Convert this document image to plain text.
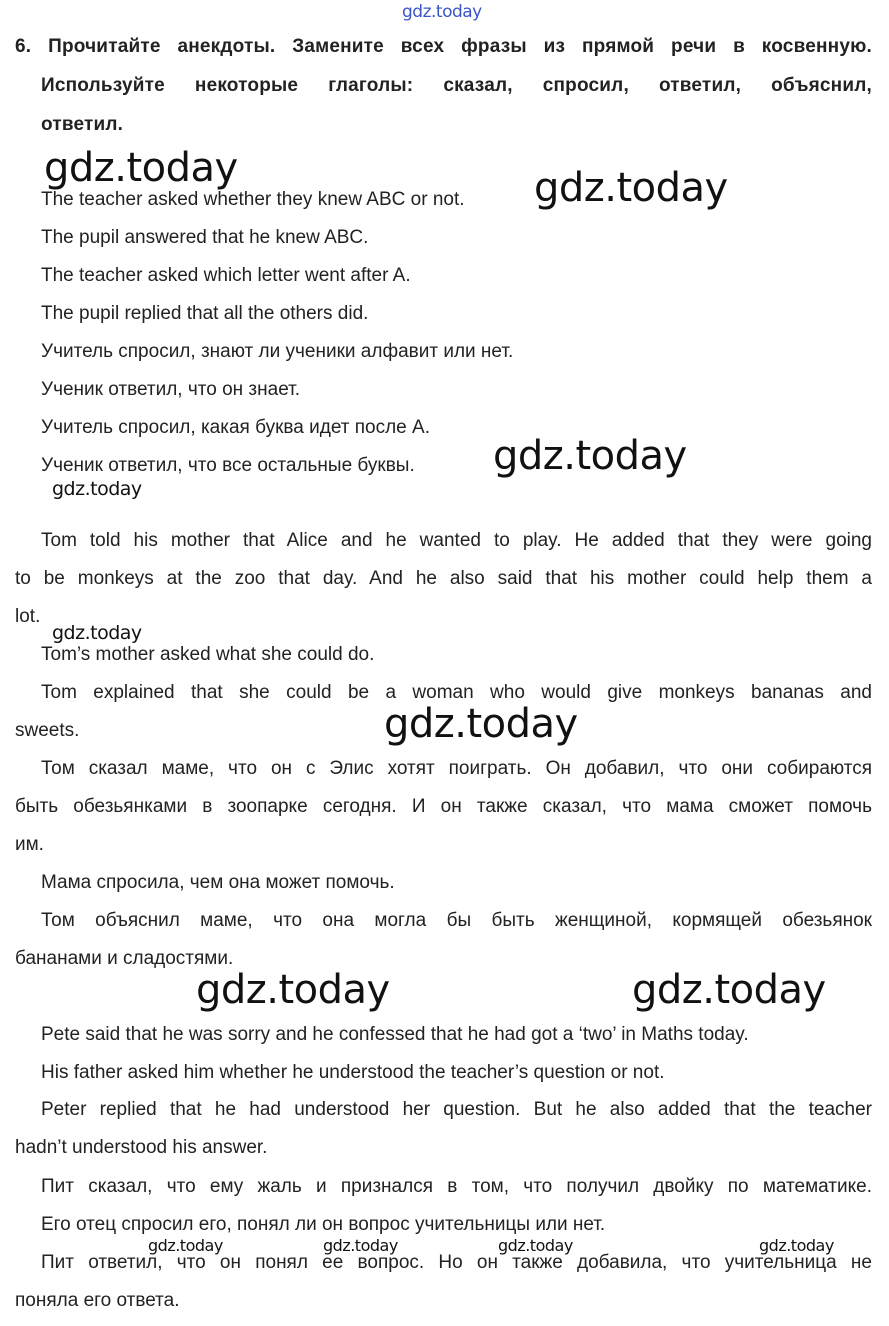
6. Прочитайте анекдоты. Замените всех фразы из прямой речи в косвенную.
Используйте некоторые глаголы: сказал, спросил, ответил, объяснил,
ответил.
The teacher asked whether they knew ABC or not.
The pupil answered that he knew ABC.
The teacher asked which letter went after A.
The pupil replied that all the others did.
Учитель спросил, знают ли ученики алфавит или нет.
Ученик ответил, что он знает.
Учитель спросил, какая буква идет после А.
Ученик ответил, что все остальные буквы.
Tom told his mother that Alice and he wanted to play. He added that they were going
to be monkeys at the zoo that day. And he also said that his mother could help them a
lot.
Tom’s mother asked what she could do.
Tom explained that she could be a woman who would give monkeys bananas and
sweets.
Том сказал маме, что он с Элис хотят поиграть. Он добавил, что они собираются
быть обезьянками в зоопарке сегодня. И он также сказал, что мама сможет помочь
им.
Мама спросила, чем она может помочь.
Том объяснил маме, что она могла бы быть женщиной, кормящей обезьянок
бананами и сладостями.
Pete said that he was sorry and he confessed that he had got a ‘two’ in Maths today.
His father asked him whether he understood the teacher’s question or not.
Peter replied that he had understood her question. But he also added that the teacher
hadn’t understood his answer.
Пит сказал, что ему жаль и признался в том, что получил двойку по математике.
Его отец спросил его, понял ли он вопрос учительницы или нет.
Пит ответил, что он понял ее вопрос. Но он также добавила, что учительница не
поняла его ответа.
gdz.today
gdz.today	gdz.today
gdz.today
gdz.today
gdz.today
gdz.today
gdz.today	gdz.today
gdz.today	gdz.today	gdz.today	gdz.today
